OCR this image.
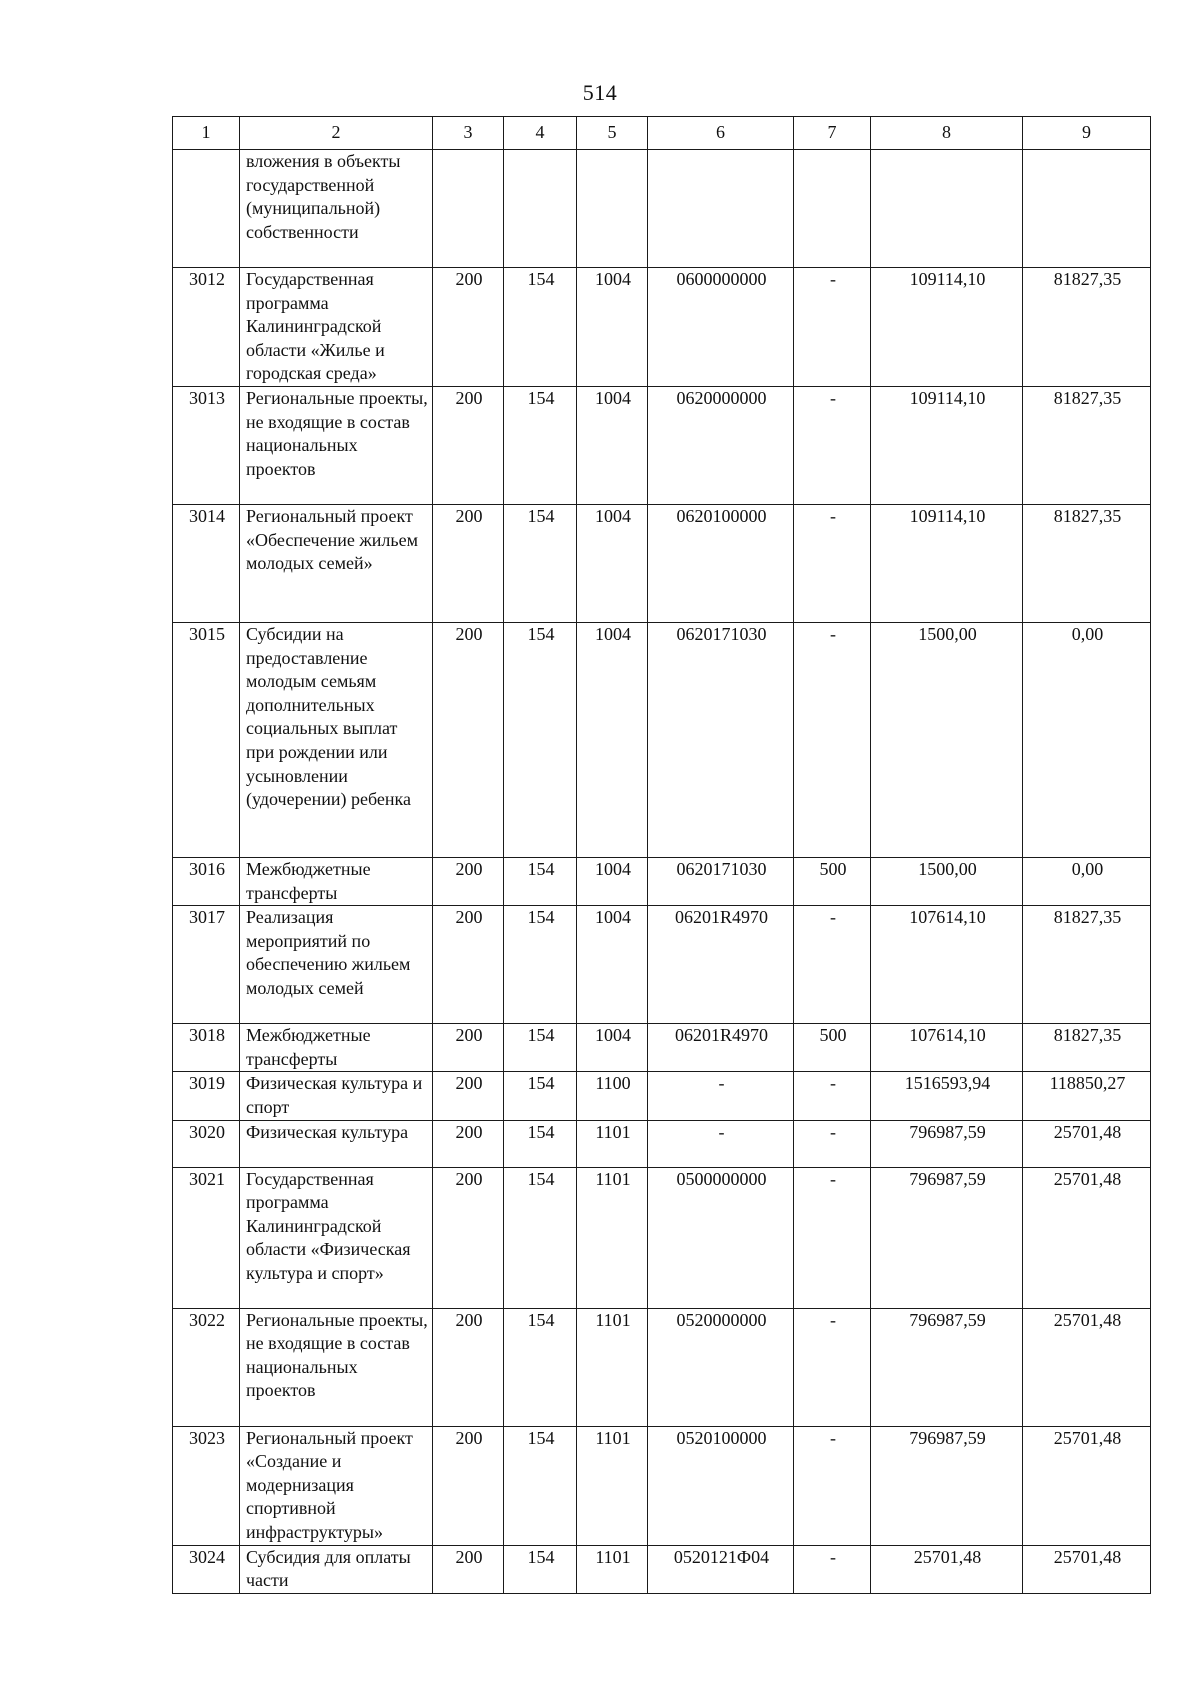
514
1	2	3	4	5	6	7	8	9
	вложения в объекты государственной (муниципальной) собственности							
3012	Государственная программа Калининградской области «Жилье и городская среда»	200	154	1004	0600000000	-	109114,10	81827,35
3013	Региональные проекты, не входящие в состав национальных проектов	200	154	1004	0620000000	-	109114,10	81827,35
3014	Региональный проект «Обеспечение жильем молодых семей»	200	154	1004	0620100000	-	109114,10	81827,35
3015	Субсидии на предоставление молодым семьям дополнительных социальных выплат при рождении или усыновлении (удочерении) ребенка	200	154	1004	0620171030	-	1500,00	0,00
3016	Межбюджетные трансферты	200	154	1004	0620171030	500	1500,00	0,00
3017	Реализация мероприятий по обеспечению жильем молодых семей	200	154	1004	06201R4970	-	107614,10	81827,35
3018	Межбюджетные трансферты	200	154	1004	06201R4970	500	107614,10	81827,35
3019	Физическая культура и спорт	200	154	1100	-	-	1516593,94	118850,27
3020	Физическая культура	200	154	1101	-	-	796987,59	25701,48
3021	Государственная программа Калининградской области «Физическая культура и спорт»	200	154	1101	0500000000	-	796987,59	25701,48
3022	Региональные проекты, не входящие в состав национальных проектов	200	154	1101	0520000000	-	796987,59	25701,48
3023	Региональный проект «Создание и модернизация спортивной инфраструктуры»	200	154	1101	0520100000	-	796987,59	25701,48
3024	Субсидия для оплаты части	200	154	1101	0520121Ф04	-	25701,48	25701,48
